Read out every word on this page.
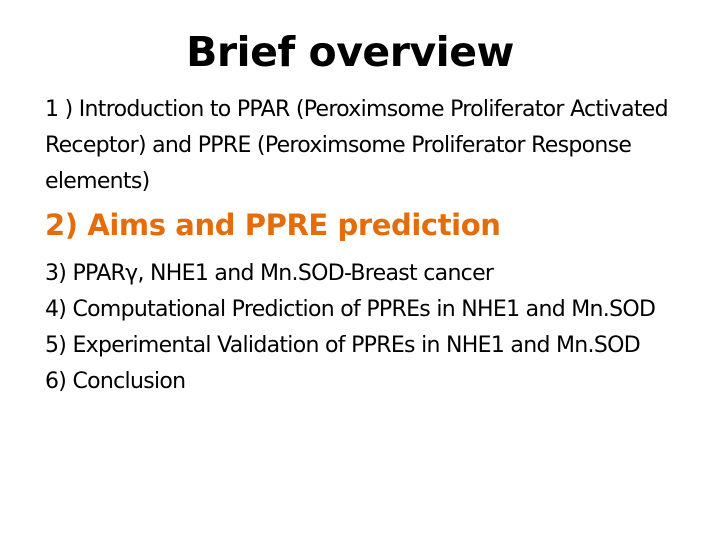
Brief overview

1 ) Introduction to PPAR (Peroximsome Proliferator Activated Receptor) and PPRE (Peroximsome Proliferator Response elements)

2) Aims and PPRE prediction

3) PPARγ, NHE1 and Mn.SOD-Breast cancer

4) Computational Prediction of PPREs in NHE1 and Mn.SOD

5) Experimental Validation of PPREs in NHE1 and Mn.SOD

6) Conclusion
